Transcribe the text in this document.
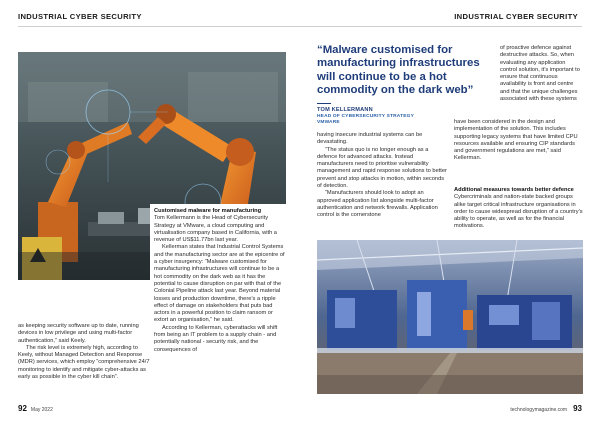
INDUSTRIAL CYBER SECURITY	INDUSTRIAL CYBER SECURITY

as keeping security software up to date, running devices in low privilege and using multi-factor authentication,” said Keely.

The risk level is extremely high, according to Keely, without Managed Detection and Response (MDR) services, which employ “comprehensive 24/7 monitoring to identify and mitigate cyber-attacks as early as possible in the cyber kill chain”.

Customised malware for manufacturing

Tom Kellermann is the Head of Cybersecurity Strategy at VMware, a cloud computing and virtualisation company based in California, with a revenue of US$11.77bn last year.

Kellerman states that Industrial Control Systems and the manufacturing sector are at the epicentre of a cyber insurgency: “Malware customised for manufacturing infrastructures will continue to be a hot commodity on the dark web as it has the potential to cause disruption on par with that of the Colonial Pipeline attack last year. Beyond material losses and production downtime, there’s a ripple effect of damage on stakeholders that puts bad actors in a powerful position to claim ransom or extort an organisation,” he said.

According to Kellerman, cyberattacks will shift from being an IT problem to a supply chain - and potentially national - security risk, and the consequences of

“Malware customised for manufacturing infrastructures will continue to be a hot commodity on the dark web”
TOM KELLERMANN
HEAD OF CYBERSECURITY STRATEGY VMWARE

having insecure industrial systems can be devastating.

“The status quo is no longer enough as a defence for advanced attacks. Instead manufacturers need to prioritise vulnerability management and rapid response solutions to better prevent and stop attacks in motion, within seconds of detection.

“Manufacturers should look to adopt an approved application list alongside multi-factor authentication and network firewalls. Application control is the cornerstone

of proactive defence against destructive attacks. So, when evaluating any application control solution, it’s important to ensure that continuous availability is front and centre and that the unique challenges associated with these systems
have been considered in the design and implementation of the solution. This includes supporting legacy systems that have limited CPU resources available and ensuring CIP standards and government regulations are met,” said Kellerman.

Additional measures towards better defence

Cybercriminals and nation-state backed groups alike target critical infrastructure organisations in order to cause widespread disruption of a country’s ability to operate, as well as for the financial motivations.

92 May 2022	technologymagazine.com 93
